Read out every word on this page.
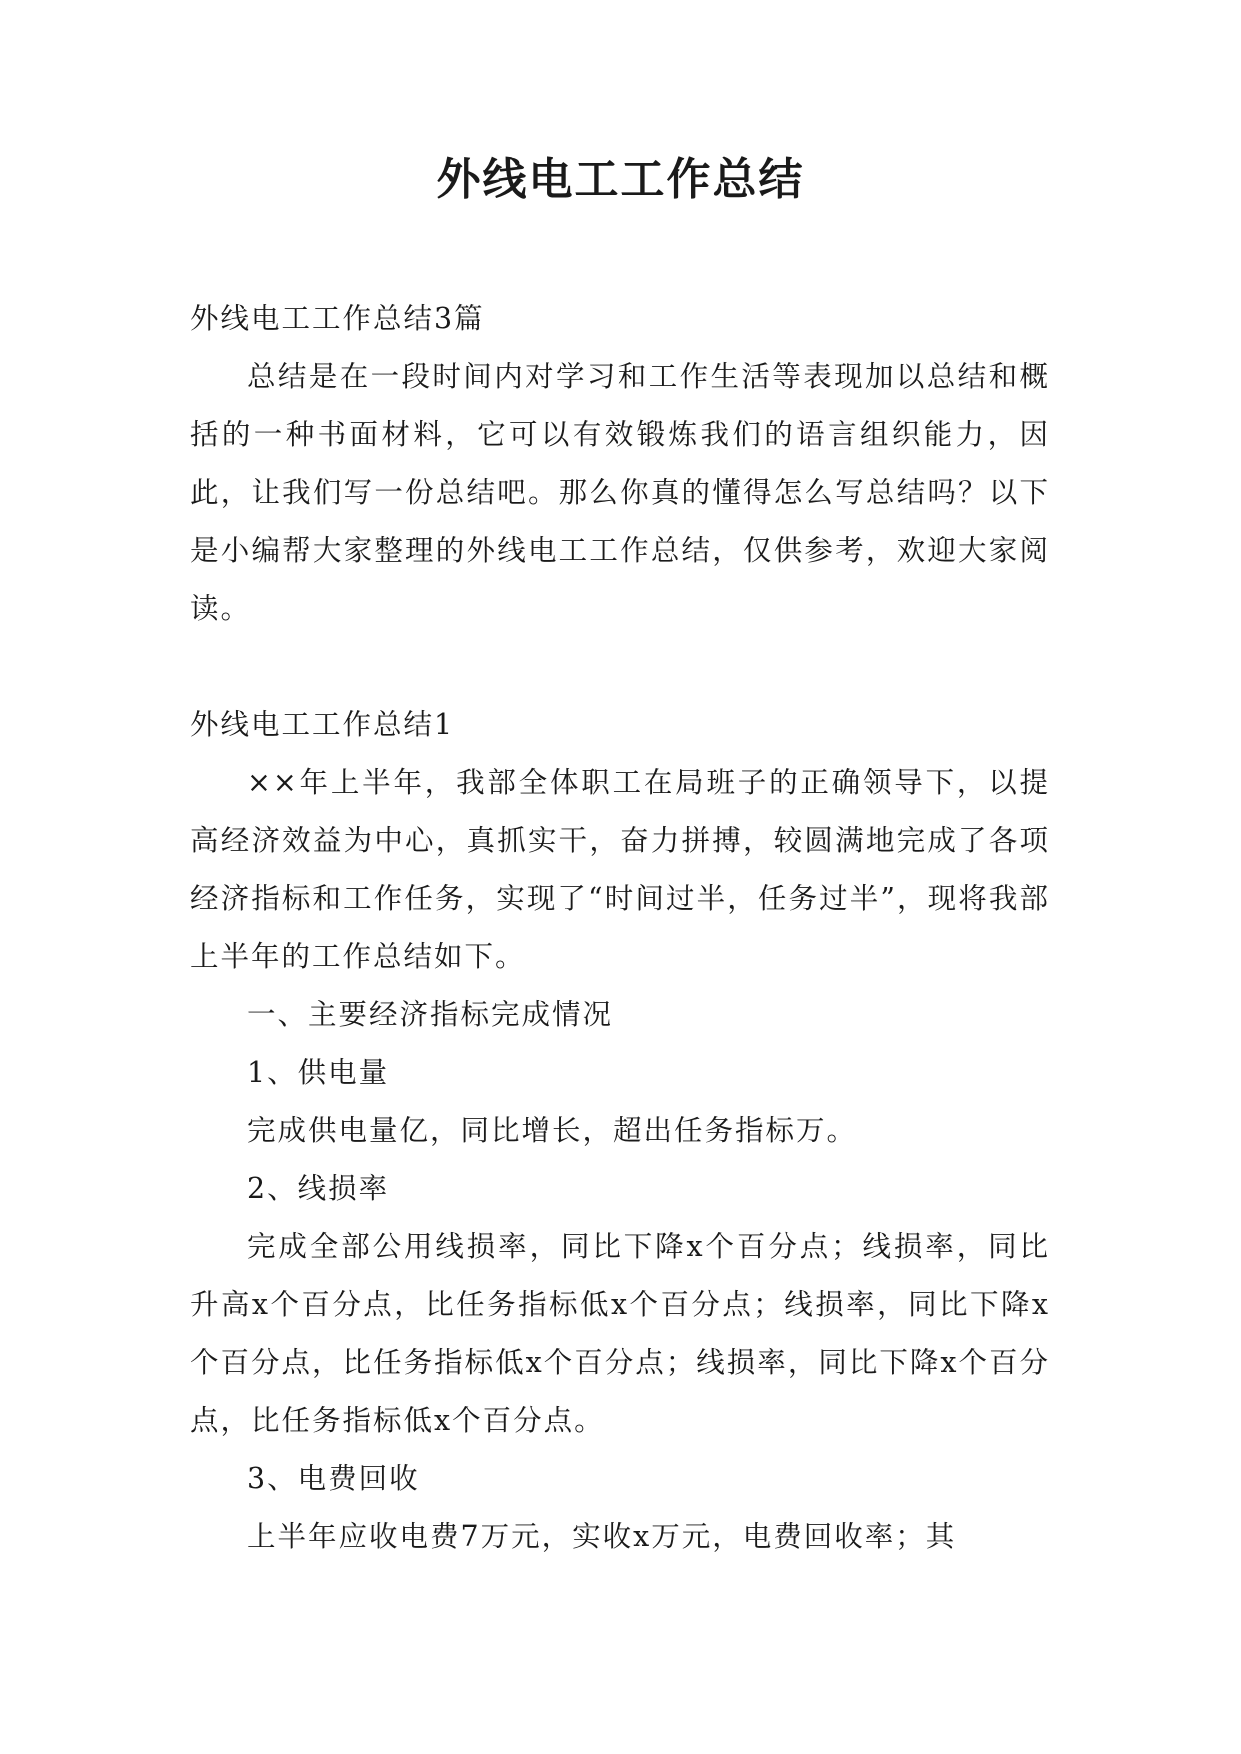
外线电工工作总结

外线电工工作总结3篇

总结是在一段时间内对学习和工作生活等表现加以总结和概括的一种书面材料，它可以有效锻炼我们的语言组织能力，因此，让我们写一份总结吧。那么你真的懂得怎么写总结吗？以下是小编帮大家整理的外线电工工作总结，仅供参考，欢迎大家阅读。

外线电工工作总结1

××年上半年，我部全体职工在局班子的正确领导下，以提高经济效益为中心，真抓实干，奋力拼搏，较圆满地完成了各项经济指标和工作任务，实现了“时间过半，任务过半”，现将我部上半年的工作总结如下。

一、主要经济指标完成情况

1、供电量

完成供电量亿，同比增长，超出任务指标万。

2、线损率

完成全部公用线损率，同比下降x个百分点；线损率，同比升高x个百分点，比任务指标低x个百分点；线损率，同比下降x个百分点，比任务指标低x个百分点；线损率，同比下降x个百分点，比任务指标低x个百分点。

3、电费回收

上半年应收电费7万元，实收x万元，电费回收率；其
